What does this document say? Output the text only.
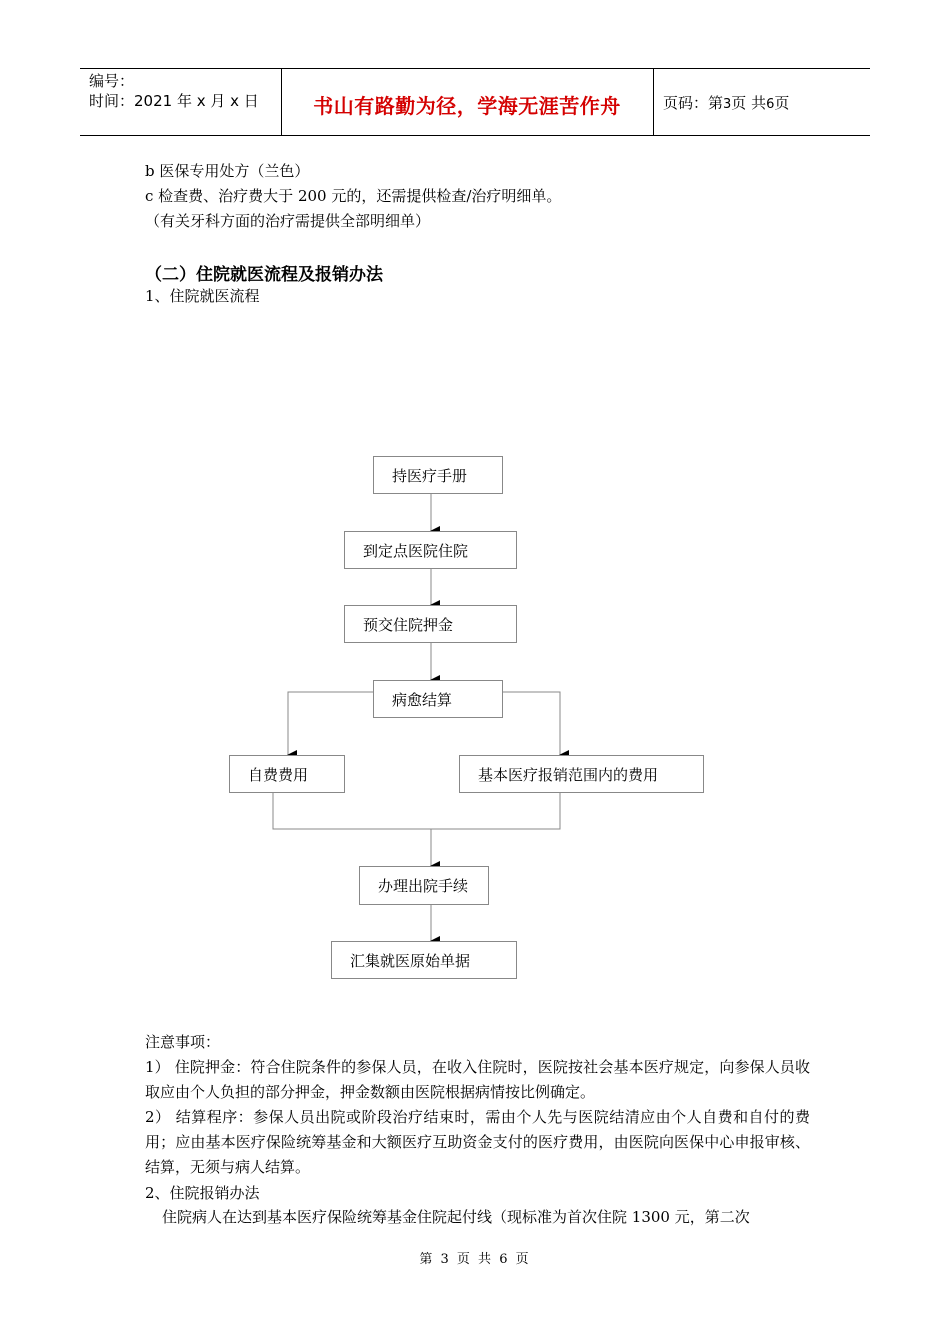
编号：
时间：2021 年 x 月 x 日	书山有路勤为径，学海无涯苦作舟	页码：第3页 共6页
b 医保专用处方（兰色）
c 检查费、治疗费大于 200 元的，还需提供检查/治疗明细单。
（有关牙科方面的治疗需提供全部明细单）
（二）住院就医流程及报销办法
1、住院就医流程
持医疗手册
到定点医院住院
预交住院押金
病愈结算
自费费用	基本医疗报销范围内的费用
办理出院手续
汇集就医原始单据
注意事项：
1） 住院押金：符合住院条件的参保人员，在收入住院时，医院按社会基本医疗规定，向参保人员收取应由个人负担的部分押金，押金数额由医院根据病情按比例确定。
2） 结算程序：参保人员出院或阶段治疗结束时，需由个人先与医院结清应由个人自费和自付的费用；应由基本医疗保险统筹基金和大额医疗互助资金支付的医疗费用，由医院向医保中心申报审核、结算，无须与病人结算。
2、住院报销办法
住院病人在达到基本医疗保险统筹基金住院起付线（现标准为首次住院 1300 元，第二次
第 3 页 共 6 页
